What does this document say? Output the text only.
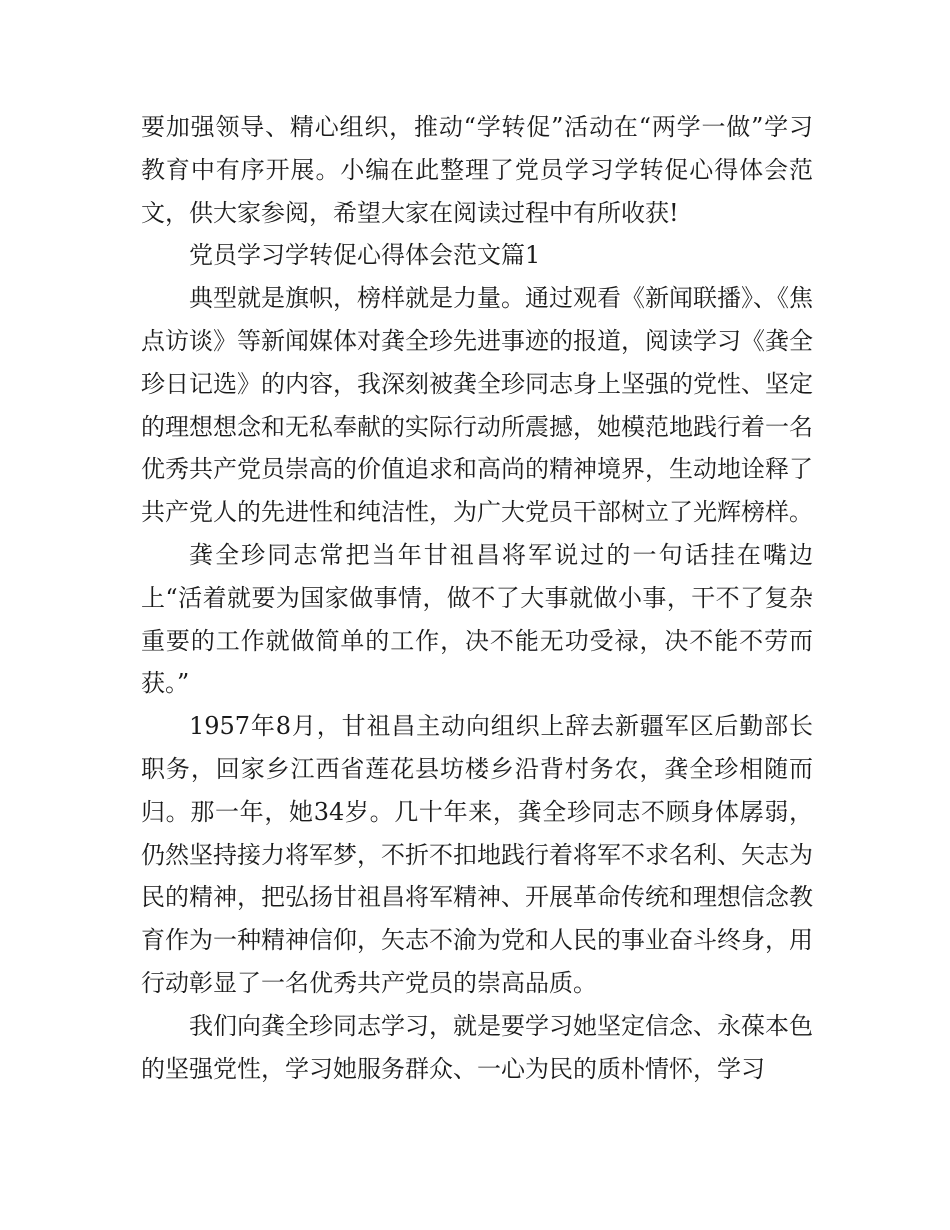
要加强领导、精心组织，推动“学转促”活动在“两学一做”学习教育中有序开展。小编在此整理了党员学习学转促心得体会范文，供大家参阅，希望大家在阅读过程中有所收获!

党员学习学转促心得体会范文篇1

典型就是旗帜，榜样就是力量。通过观看《新闻联播》、《焦点访谈》等新闻媒体对龚全珍先进事迹的报道，阅读学习《龚全珍日记选》的内容，我深刻被龚全珍同志身上坚强的党性、坚定的理想想念和无私奉献的实际行动所震撼，她模范地践行着一名优秀共产党员崇高的价值追求和高尚的精神境界，生动地诠释了共产党人的先进性和纯洁性，为广大党员干部树立了光辉榜样。

龚全珍同志常把当年甘祖昌将军说过的一句话挂在嘴边上“活着就要为国家做事情，做不了大事就做小事，干不了复杂重要的工作就做简单的工作，决不能无功受禄，决不能不劳而获。”

1957年8月，甘祖昌主动向组织上辞去新疆军区后勤部长职务，回家乡江西省莲花县坊楼乡沿背村务农，龚全珍相随而归。那一年，她34岁。几十年来，龚全珍同志不顾身体孱弱，仍然坚持接力将军梦，不折不扣地践行着将军不求名利、矢志为民的精神，把弘扬甘祖昌将军精神、开展革命传统和理想信念教育作为一种精神信仰，矢志不渝为党和人民的事业奋斗终身，用行动彰显了一名优秀共产党员的崇高品质。

我们向龚全珍同志学习，就是要学习她坚定信念、永葆本色的坚强党性，学习她服务群众、一心为民的质朴情怀，学习
